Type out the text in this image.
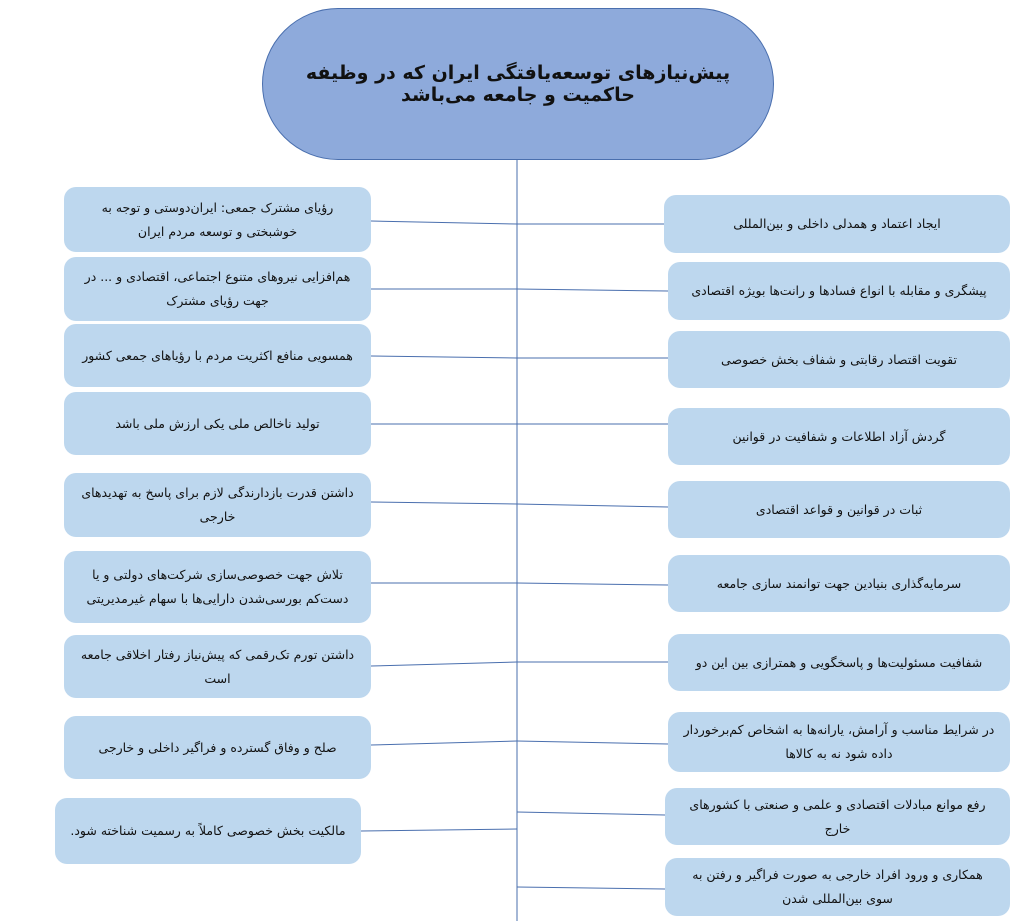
پیش‌نیازهای توسعه‌یافتگی ایران که در وظیفه حاکمیت و جامعه می‌باشد
ایجاد اعتماد و همدلی داخلی و بین‌المللی
پیشگری و مقابله با انواع فسادها و رانت‌ها بویژه اقتصادی
تقویت اقتصاد رقابتی و شفاف بخش خصوصی
گردش آزاد اطلاعات و شفافیت در قوانین
ثبات در قوانین و قواعد اقتصادی
سرمایه‌گذاری بنیادین جهت توانمند سازی جامعه
شفافیت مسئولیت‌ها و پاسخگویی و همترازی بین این دو
در شرایط مناسب و آرامش، یارانه‌ها به اشخاص کم‌برخوردار داده شود نه به کالاها
رفع موانع مبادلات اقتصادی و علمی و صنعتی با کشورهای خارج
همکاری و ورود افراد خارجی به صورت فراگیر و رفتن به سوی بین‌المللی شدن
رؤیای مشترک جمعی: ایران‌دوستی و توجه به خوشبختی و توسعه مردم ایران
هم‌افزایی نیروهای متنوع اجتماعی، اقتصادی و ... در جهت رؤیای مشترک
همسویی منافع اکثریت مردم با رؤیاهای جمعی کشور
تولید ناخالص ملی یکی ارزش ملی باشد
داشتن قدرت بازدارندگی لازم برای پاسخ به تهدیدهای خارجی
تلاش جهت خصوصی‌سازی شرکت‌های دولتی و یا دست‌کم بورسی‌شدن دارایی‌ها با سهام غیرمدیریتی
داشتن تورم تک‌رقمی که پیش‌نیاز رفتار اخلاقی جامعه است
صلح و وفاق گسترده و فراگیر داخلی و خارجی
مالکیت بخش خصوصی کاملاً به رسمیت شناخته شود.
